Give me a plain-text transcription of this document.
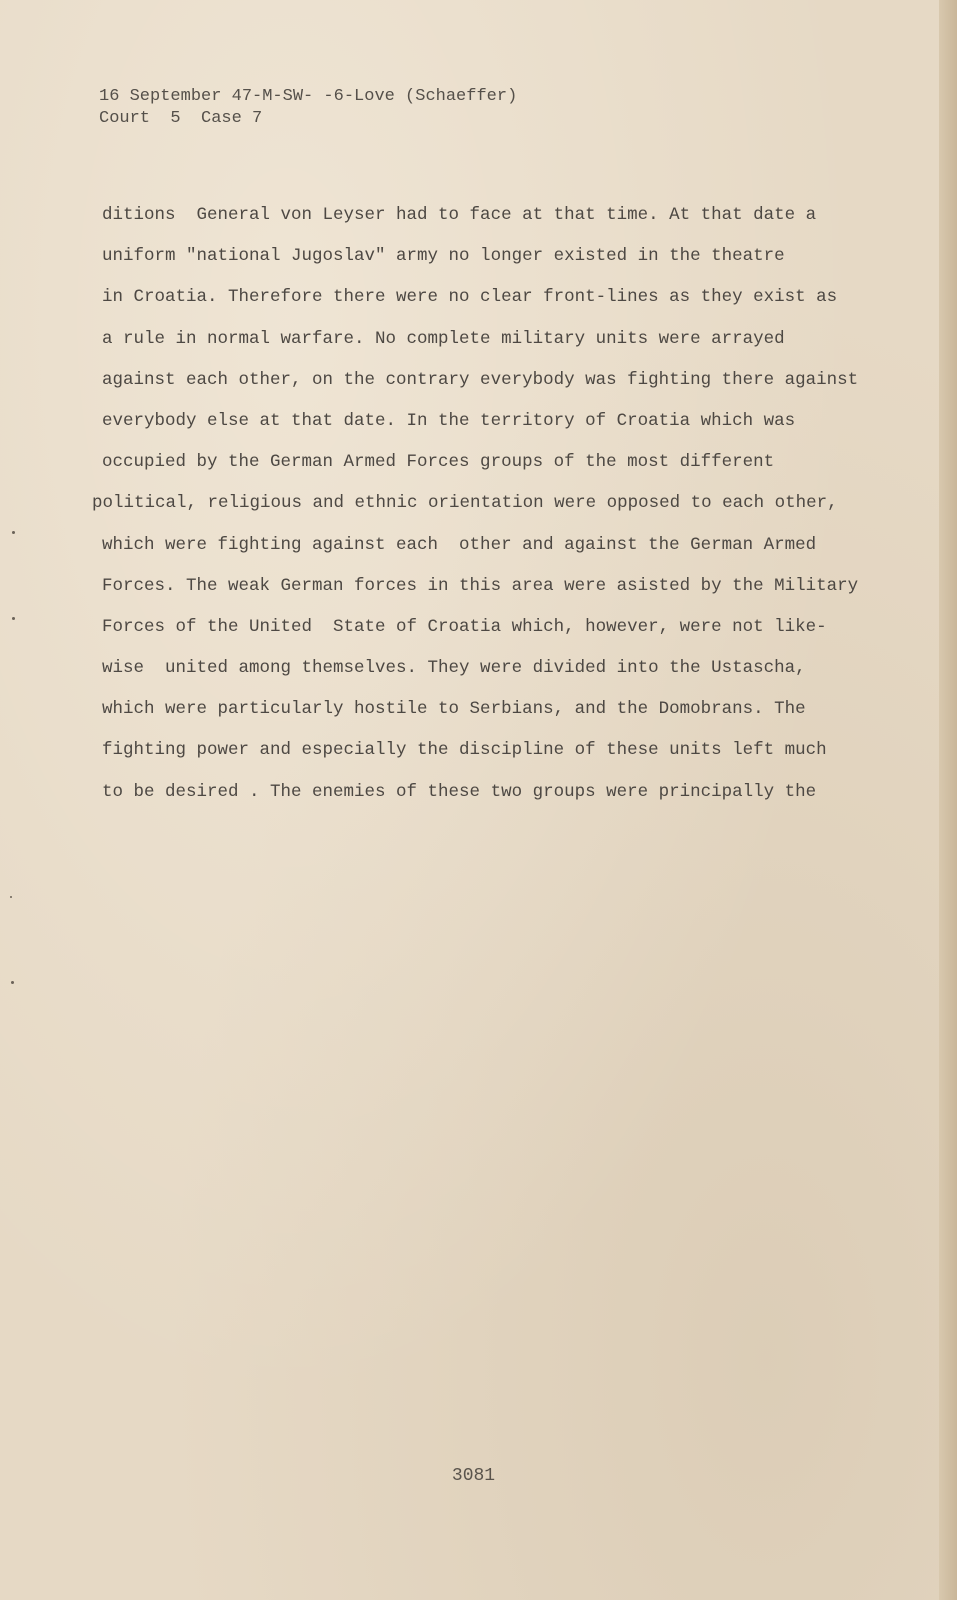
16 September 47-M-SW- -6-Love (Schaeffer)
Court  5  Case 7
ditions  General von Leyser had to face at that time. At that date a
uniform "national Jugoslav" army no longer existed in the theatre
in Croatia. Therefore there were no clear front-lines as they exist as
a rule in normal warfare. No complete military units were arrayed
against each other, on the contrary everybody was fighting there against
everybody else at that date. In the territory of Croatia which was
occupied by the German Armed Forces groups of the most different
political, religious and ethnic orientation were opposed to each other,
which were fighting against each  other and against the German Armed
Forces. The weak German forces in this area were asisted by the Military
Forces of the United  State of Croatia which, however, were not like-
wise  united among themselves. They were divided into the Ustascha,
which were particularly hostile to Serbians, and the Domobrans. The
fighting power and especially the discipline of these units left much
to be desired . The enemies of these two groups were principally the
3081
